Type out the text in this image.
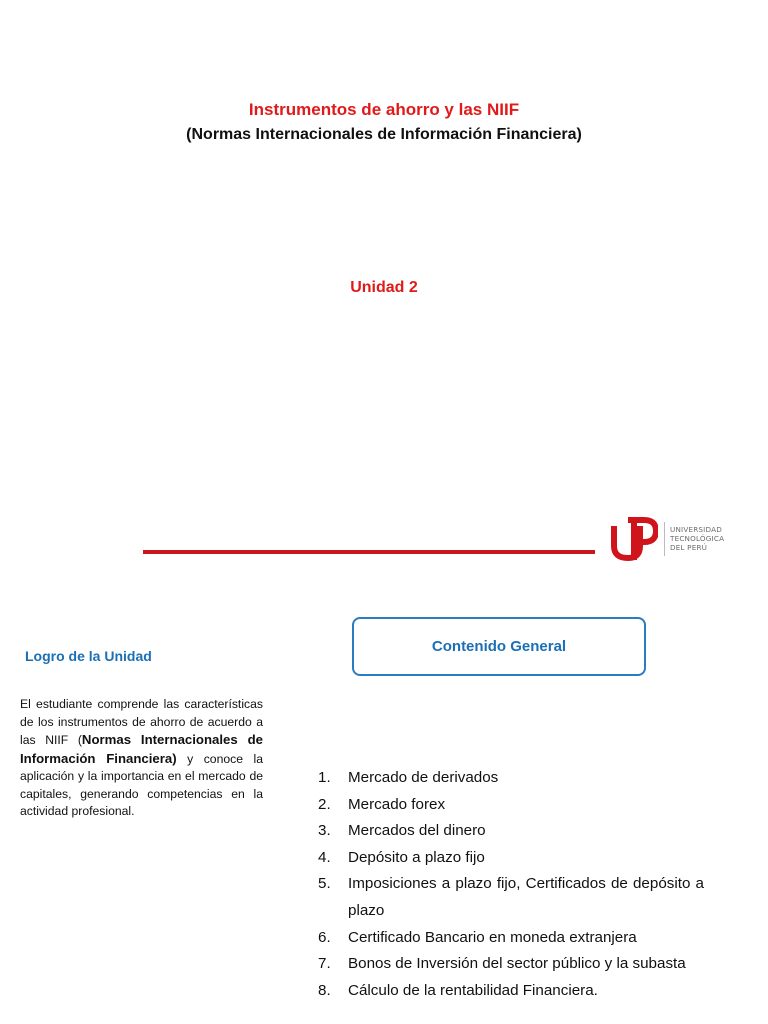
Instrumentos de ahorro y las NIIF
(Normas Internacionales de Información Financiera)
Unidad 2
UNIVERSIDAD
TECNOLÓGICA
DEL PERÚ
Logro de la Unidad
El estudiante comprende las características de los instrumentos de ahorro de acuerdo a las NIIF (Normas Internacionales de Información Financiera) y conoce la aplicación y la importancia en el mercado de capitales, generando competencias en la actividad profesional.
Contenido General
1.	Mercado de derivados
2.	Mercado forex
3.	Mercados del dinero
4.	Depósito a plazo fijo
5.	Imposiciones a plazo fijo, Certificados de depósito a plazo
6.	Certificado Bancario en moneda extranjera
7.	Bonos de Inversión del sector público y la subasta
8.	Cálculo de la rentabilidad Financiera.
